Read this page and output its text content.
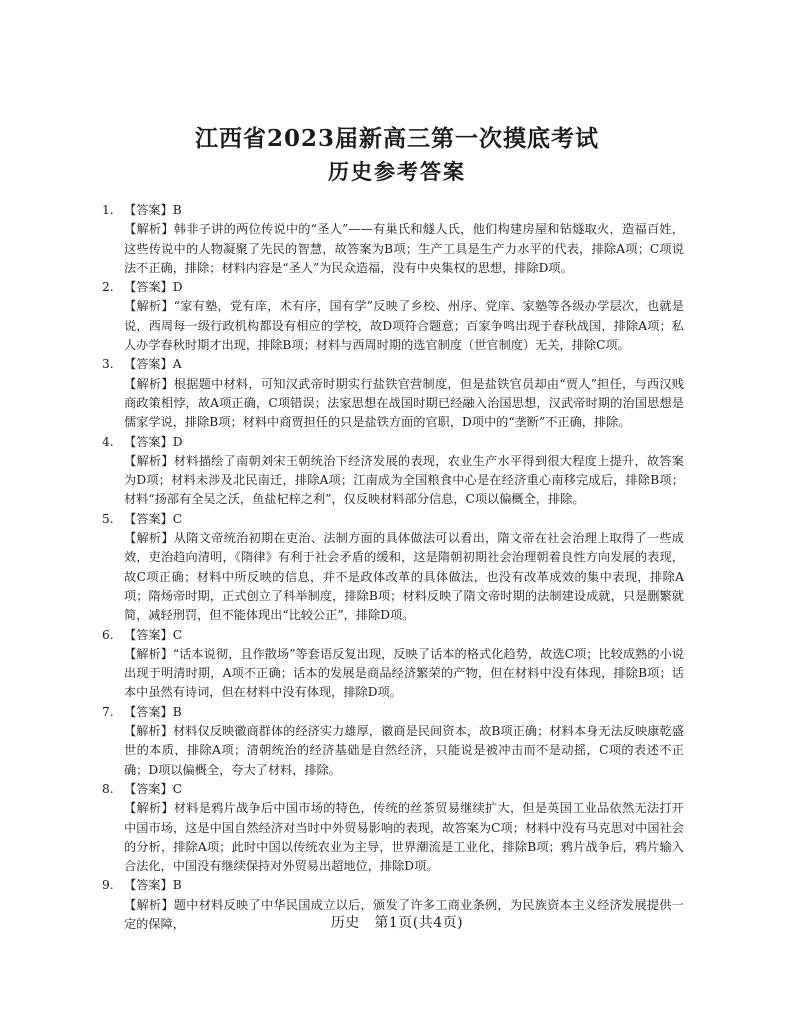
江西省2023届新高三第一次摸底考试
历史参考答案
1. 【答案】B
【解析】韩非子讲的两位传说中的“圣人”——有巢氏和燧人氏，他们构建房屋和钻燧取火，造福百姓，这些传说中的人物凝聚了先民的智慧，故答案为B项；生产工具是生产力水平的代表，排除A项；C项说法不正确，排除；材料内容是“圣人”为民众造福，没有中央集权的思想，排除D项。
2. 【答案】D
【解析】“家有塾，党有庠，术有序，国有学”反映了乡校、州序、党庠、家塾等各级办学层次，也就是说，西周每一级行政机构都设有相应的学校，故D项符合题意；百家争鸣出现于春秋战国，排除A项；私人办学春秋时期才出现，排除B项；材料与西周时期的选官制度（世官制度）无关，排除C项。
3. 【答案】A
【解析】根据题中材料，可知汉武帝时期实行盐铁官营制度，但是盐铁官员却由“贾人”担任，与西汉贱商政策相悖，故A项正确，C项错误；法家思想在战国时期已经融入治国思想，汉武帝时期的治国思想是儒家学说，排除B项；材料中商贾担任的只是盐铁方面的官职，D项中的“垄断”不正确，排除。
4. 【答案】D
【解析】材料描绘了南朝刘宋王朝统治下经济发展的表现，农业生产水平得到很大程度上提升，故答案为D项；材料未涉及北民南迁，排除A项；江南成为全国粮食中心是在经济重心南移完成后，排除B项；材料“扬部有全吴之沃，鱼盐杞梓之利”，仅反映材料部分信息，C项以偏概全，排除。
5. 【答案】C
【解析】从隋文帝统治初期在吏治、法制方面的具体做法可以看出，隋文帝在社会治理上取得了一些成效，吏治趋向清明，《隋律》有利于社会矛盾的缓和，这是隋朝初期社会治理朝着良性方向发展的表现，故C项正确；材料中所反映的信息，并不是政体改革的具体做法，也没有改革成效的集中表现，排除A项；隋炀帝时期，正式创立了科举制度，排除B项；材料反映了隋文帝时期的法制建设成就，只是删繁就简，减轻刑罚，但不能体现出“比较公正”，排除D项。
6. 【答案】C
【解析】“话本说彻，且作散场”等套语反复出现，反映了话本的格式化趋势，故选C项；比较成熟的小说出现于明清时期，A项不正确；话本的发展是商品经济繁荣的产物，但在材料中没有体现，排除B项；话本中虽然有诗词，但在材料中没有体现，排除D项。
7. 【答案】B
【解析】材料仅反映徽商群体的经济实力雄厚，徽商是民间资本，故B项正确；材料本身无法反映康乾盛世的本质，排除A项；清朝统治的经济基础是自然经济，只能说是被冲击而不是动摇，C项的表述不正确；D项以偏概全，夸大了材料，排除。
8. 【答案】C
【解析】材料是鸦片战争后中国市场的特色，传统的丝茶贸易继续扩大，但是英国工业品依然无法打开中国市场，这是中国自然经济对当时中外贸易影响的表现，故答案为C项；材料中没有马克思对中国社会的分析，排除A项；此时中国以传统农业为主导，世界潮流是工业化，排除B项；鸦片战争后，鸦片输入合法化，中国没有继续保持对外贸易出超地位，排除D项。
9. 【答案】B
【解析】题中材料反映了中华民国成立以后，颁发了许多工商业条例，为民族资本主义经济发展提供一定的保障，	历史　第1页(共4页)
